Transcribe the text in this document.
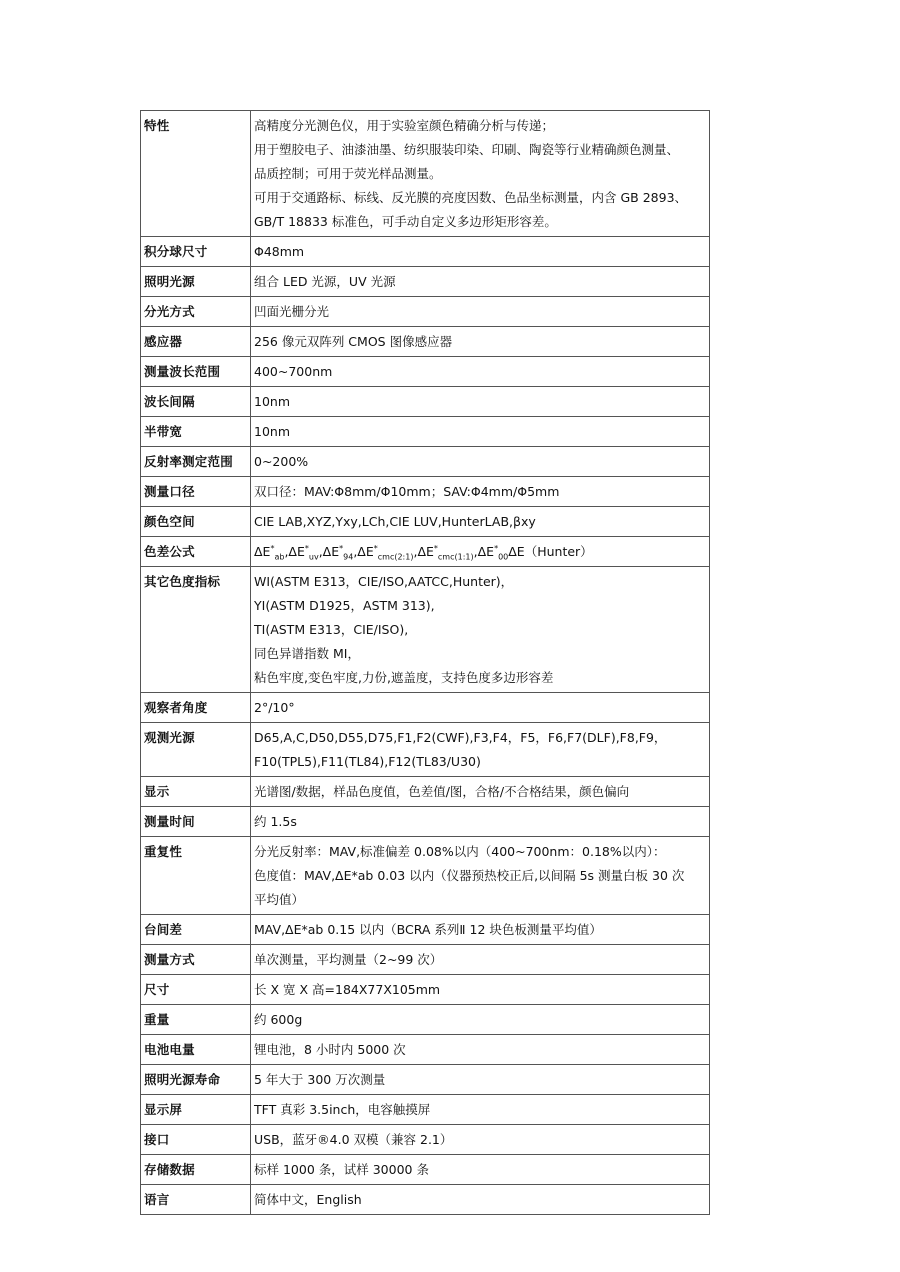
特性	高精度分光测色仪，用于实验室颜色精确分析与传递；
用于塑胶电子、油漆油墨、纺织服装印染、印刷、陶瓷等行业精确颜色测量、
品质控制；可用于荧光样品测量。
可用于交通路标、标线、反光膜的亮度因数、色品坐标测量，内含 GB 2893、
GB/T 18833 标准色，可手动自定义多边形矩形容差。

积分球尺寸	Φ48mm

照明光源	组合 LED 光源，UV 光源

分光方式	凹面光栅分光

感应器	256 像元双阵列 CMOS 图像感应器

测量波长范围	400~700nm

波长间隔	10nm

半带宽	10nm

反射率测定范围	0~200%

测量口径	双口径：MAV:Φ8mm/Φ10mm；SAV:Φ4mm/Φ5mm

颜色空间	CIE LAB,XYZ,Yxy,LCh,CIE LUV,HunterLAB,βxy

色差公式	$\Delta E^*_{ab},\Delta E^*_{uv},\Delta E^*_{94},\Delta E^*_{cmc(2:1)},\Delta E^*_{cmc(1:1)},\Delta E^*_{00}\Delta E(Hunter)$

其它色度指标	WI(ASTM E313，CIE/ISO,AATCC,Hunter)，
YI(ASTM D1925，ASTM 313),
TI(ASTM E313，CIE/ISO),
同色异谱指数 MI，
粘色牢度,变色牢度,力份,遮盖度，支持色度多边形容差

观察者角度	2°/10°

观测光源	D65,A,C,D50,D55,D75,F1,F2(CWF),F3,F4，F5，F6,F7(DLF),F8,F9，
F10(TPL5),F11(TL84),F12(TL83/U30)

显示	光谱图/数据，样品色度值，色差值/图，合格/不合格结果，颜色偏向

测量时间	约 1.5s

重复性	分光反射率：MAV,标准偏差 0.08%以内（400~700nm：0.18%以内）：
色度值：MAV,ΔE*ab 0.03 以内（仪器预热校正后,以间隔 5s 测量白板 30 次
平均值）

台间差	MAV,ΔE*ab 0.15 以内（BCRA 系列Ⅱ 12 块色板测量平均值）

测量方式	单次测量，平均测量（2~99 次）

尺寸	长 X 宽 X 高=184X77X105mm

重量	约 600g

电池电量	锂电池，8 小时内 5000 次

照明光源寿命	5 年大于 300 万次测量

显示屏	TFT 真彩 3.5inch，电容触摸屏

接口	USB，蓝牙®4.0 双模（兼容 2.1）

存储数据	标样 1000 条，试样 30000 条

语言	简体中文，English
